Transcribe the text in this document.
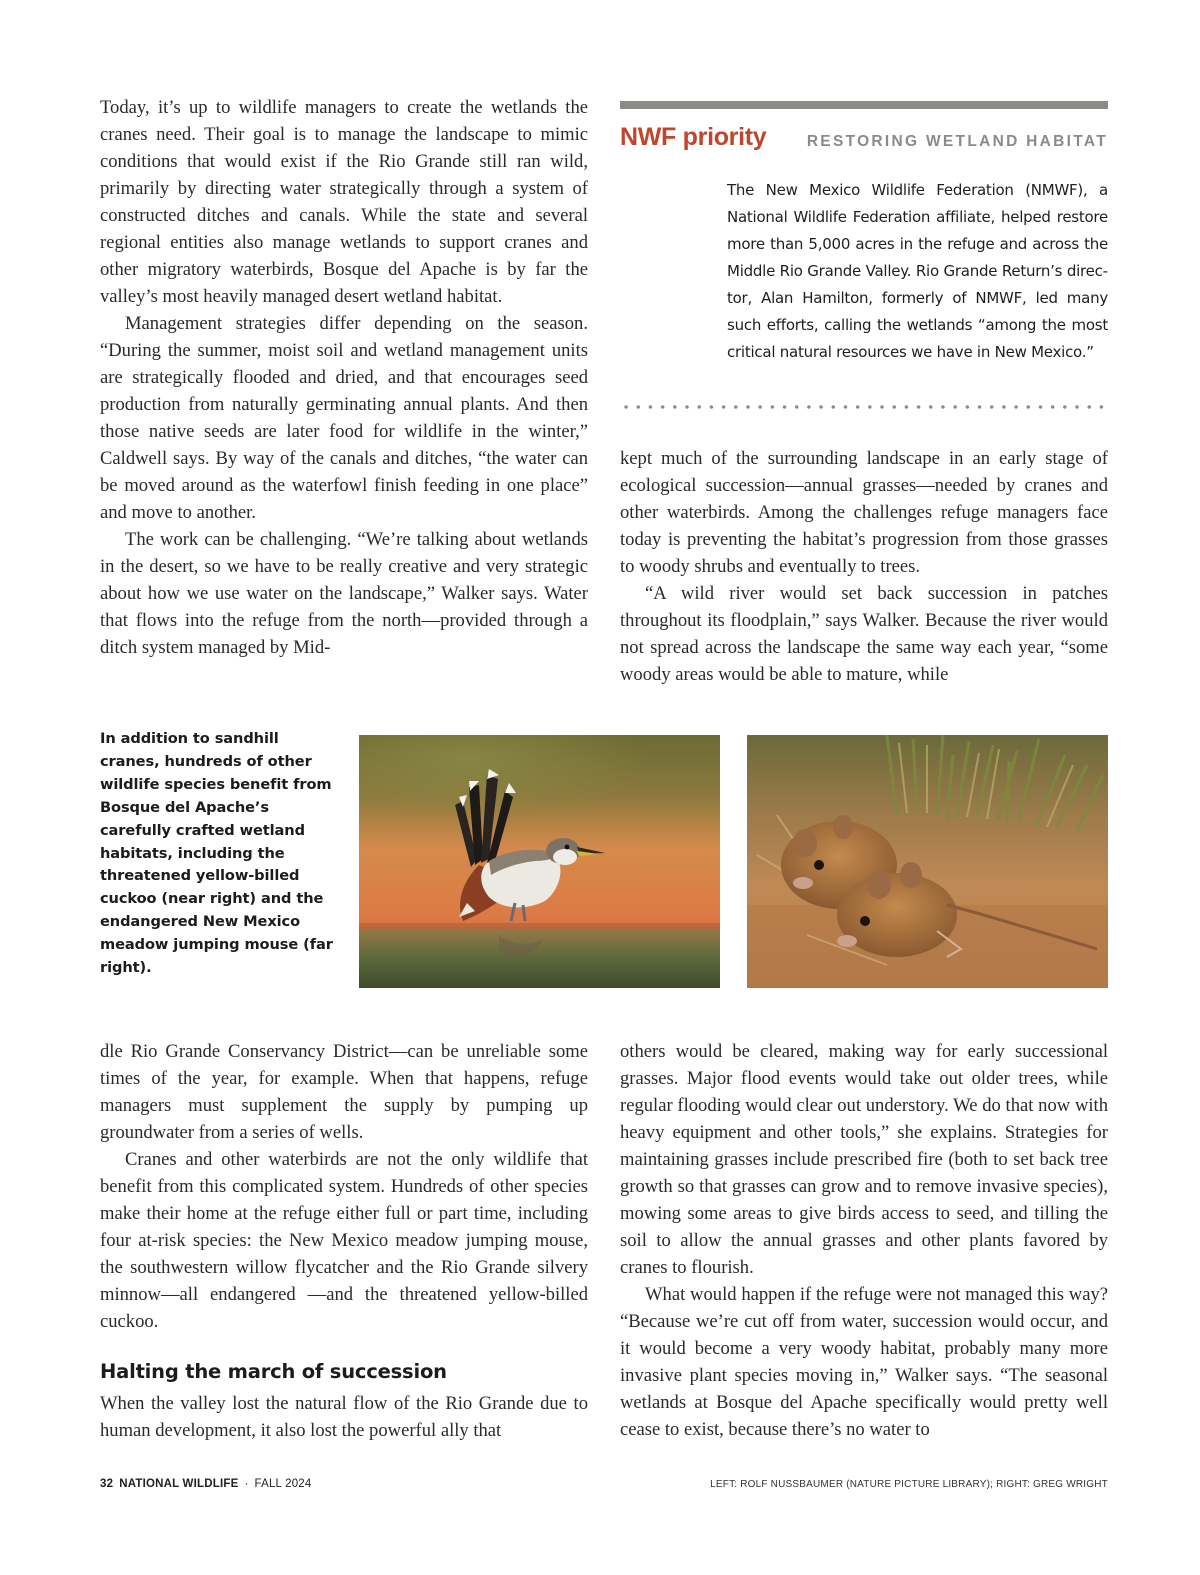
Today, it’s up to wildlife managers to create the wetlands the cranes need. Their goal is to manage the landscape to mimic conditions that would exist if the Rio Grande still ran wild, primarily by directing water strategically through a system of constructed ditches and canals. While the state and several regional entities also manage wetlands to support cranes and other migratory waterbirds, Bosque del Apache is by far the valley’s most heavily managed desert wetland habitat.

Management strategies differ depending on the season. “During the summer, moist soil and wetland management units are strategically flooded and dried, and that encourages seed production from naturally germinating annual plants. And then those native seeds are later food for wildlife in the winter,” Caldwell says. By way of the canals and ditches, “the water can be moved around as the waterfowl finish feeding in one place” and move to another.

The work can be challenging. “We’re talking about wetlands in the desert, so we have to be really creative and very strategic about how we use water on the landscape,” Walker says. Water that flows into the refuge from the north—provided through a ditch system managed by Mid-

NWF priority	RESTORING WETLAND HABITAT
The New Mexico Wildlife Federation (NMWF), a National Wildlife Federation affiliate, helped restore more than 5,000 acres in the refuge and across the Middle Rio Grande Valley. Rio Grande Return’s director, Alan Hamilton, formerly of NMWF, led many such efforts, calling the wetlands “among the most critical natural resources we have in New Mexico.”

kept much of the surrounding landscape in an early stage of ecological succession—annual grasses—needed by cranes and other waterbirds. Among the challenges refuge managers face today is preventing the habitat’s progression from those grasses to woody shrubs and eventually to trees.

“A wild river would set back succession in patches throughout its floodplain,” says Walker. Because the river would not spread across the landscape the same way each year, “some woody areas would be able to mature, while

In addition to sandhill cranes, hundreds of other wildlife species benefit from Bosque del Apache’s carefully crafted wetland habitats, including the threatened yellow-billed cuckoo (near right) and the endangered New Mexico meadow jumping mouse (far right).

dle Rio Grande Conservancy District—can be unreliable some times of the year, for example. When that happens, refuge managers must supplement the supply by pumping up groundwater from a series of wells.

Cranes and other waterbirds are not the only wildlife that benefit from this complicated system. Hundreds of other species make their home at the refuge either full or part time, including four at-risk species: the New Mexico meadow jumping mouse, the southwestern willow flycatcher and the Rio Grande silvery minnow—all endangered —and the threatened yellow-billed cuckoo.

Halting the march of succession

When the valley lost the natural flow of the Rio Grande due to human development, it also lost the powerful ally that

others would be cleared, making way for early successional grasses. Major flood events would take out older trees, while regular flooding would clear out understory. We do that now with heavy equipment and other tools,” she explains. Strategies for maintaining grasses include prescribed fire (both to set back tree growth so that grasses can grow and to remove invasive species), mowing some areas to give birds access to seed, and tilling the soil to allow the annual grasses and other plants favored by cranes to flourish.

What would happen if the refuge were not managed this way? “Because we’re cut off from water, succession would occur, and it would become a very woody habitat, probably many more invasive plant species moving in,” Walker says. “The seasonal wetlands at Bosque del Apache specifically would pretty well cease to exist, because there’s no water to

32 NATIONAL WILDLIFE · FALL 2024	LEFT: ROLF NUSSBAUMER (NATURE PICTURE LIBRARY); RIGHT: GREG WRIGHT
